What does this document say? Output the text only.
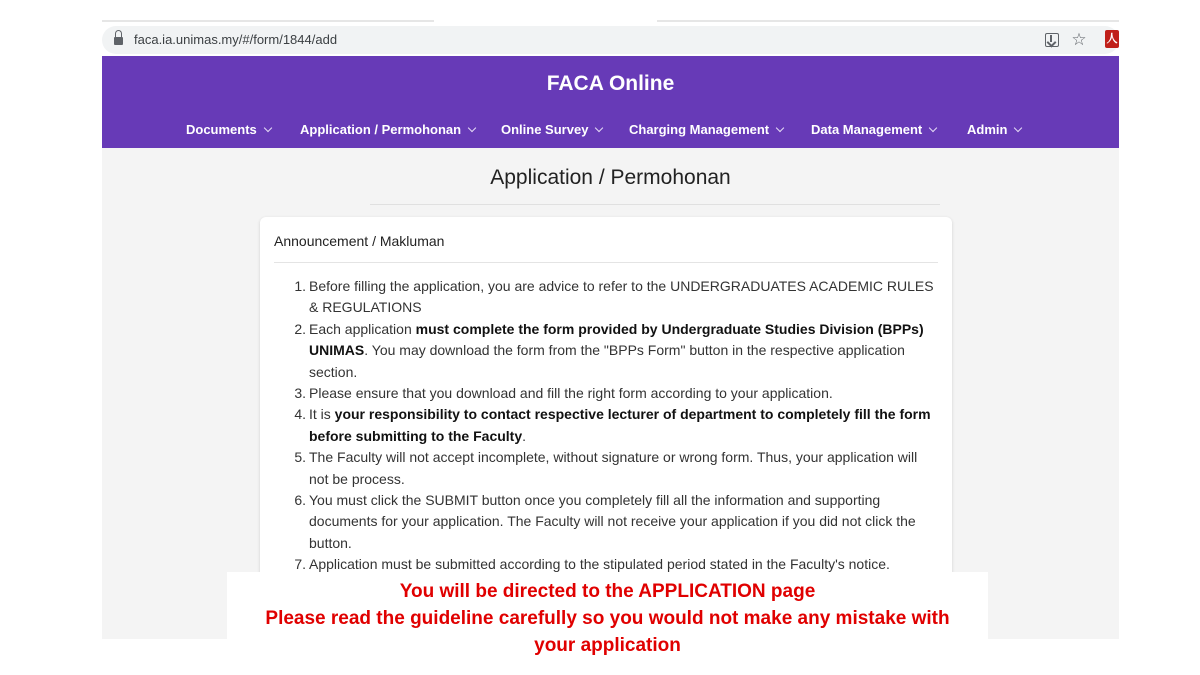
faca.ia.unimas.my/#/form/1844/add	☆ 人
FACA Online
Documents	Application / Permohonan	Online Survey	Charging Management	Data Management	Admin
Application / Permohonan
Announcement / Makluman
1. Before filling the application, you are advice to refer to the UNDERGRADUATES ACADEMIC RULES & REGULATIONS
2. Each application must complete the form provided by Undergraduate Studies Division (BPPs) UNIMAS. You may download the form from the "BPPs Form" button in the respective application section.
3. Please ensure that you download and fill the right form according to your application.
4. It is your responsibility to contact respective lecturer of department to completely fill the form before submitting to the Faculty.
5. The Faculty will not accept incomplete, without signature or wrong form. Thus, your application will not be process.
6. You must click the SUBMIT button once you completely fill all the information and supporting documents for your application. The Faculty will not receive your application if you did not click the button.
7. Application must be submitted according to the stipulated period stated in the Faculty's notice.
You will be directed to the APPLICATION page
Please read the guideline carefully so you would not make any mistake with
your application
